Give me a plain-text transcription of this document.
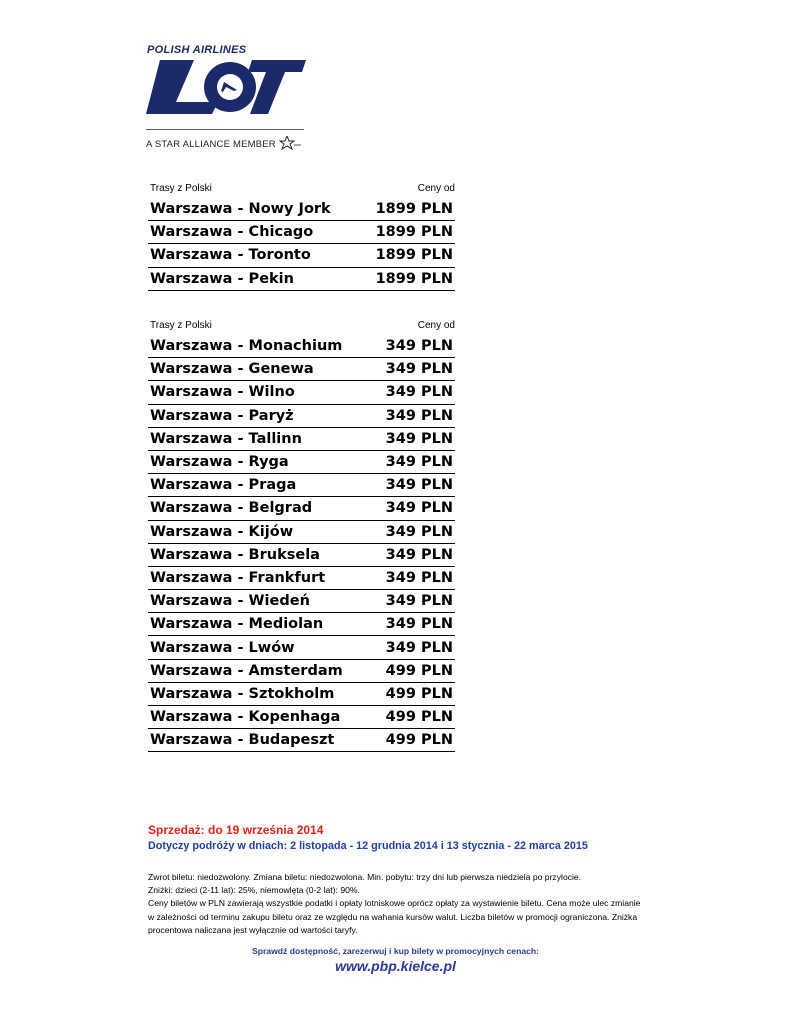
POLISH AIRLINES
A STAR ALLIANCE MEMBER
Trasy z Polski	Ceny od
Warszawa - Nowy Jork	1899 PLN
Warszawa - Chicago	1899 PLN
Warszawa - Toronto	1899 PLN
Warszawa - Pekin	1899 PLN
Trasy z Polski	Ceny od
Warszawa - Monachium	349 PLN
Warszawa - Genewa	349 PLN
Warszawa - Wilno	349 PLN
Warszawa - Paryż	349 PLN
Warszawa - Tallinn	349 PLN
Warszawa - Ryga	349 PLN
Warszawa - Praga	349 PLN
Warszawa - Belgrad	349 PLN
Warszawa - Kijów	349 PLN
Warszawa - Bruksela	349 PLN
Warszawa - Frankfurt	349 PLN
Warszawa - Wiedeń	349 PLN
Warszawa - Mediolan	349 PLN
Warszawa - Lwów	349 PLN
Warszawa - Amsterdam	499 PLN
Warszawa - Sztokholm	499 PLN
Warszawa - Kopenhaga	499 PLN
Warszawa - Budapeszt	499 PLN
Sprzedaż: do 19 września 2014
Dotyczy podróży w dniach: 2 listopada - 12 grudnia 2014 i 13 stycznia - 22 marca 2015

Zwrot biletu: niedozwolony. Zmiana biletu: niedozwolona. Min. pobytu: trzy dni lub pierwsza niedziela po przylocie.

Zniżki: dzieci (2-11 lat): 25%, niemowlęta (0-2 lat): 90%.

Ceny biletów w PLN zawierają wszystkie podatki i opłaty lotniskowe oprócz opłaty za wystawienie biletu. Cena może ulec zmianie w zależności od terminu zakupu biletu oraz ze względu na wahania kursów walut. Liczba biletów w promocji ograniczona. Zniżka procentowa naliczana jest wyłącznie od wartości taryfy.

Sprawdź dostępność, zarezerwuj i kup bilety w promocyjnych cenach:
www.pbp.kielce.pl
